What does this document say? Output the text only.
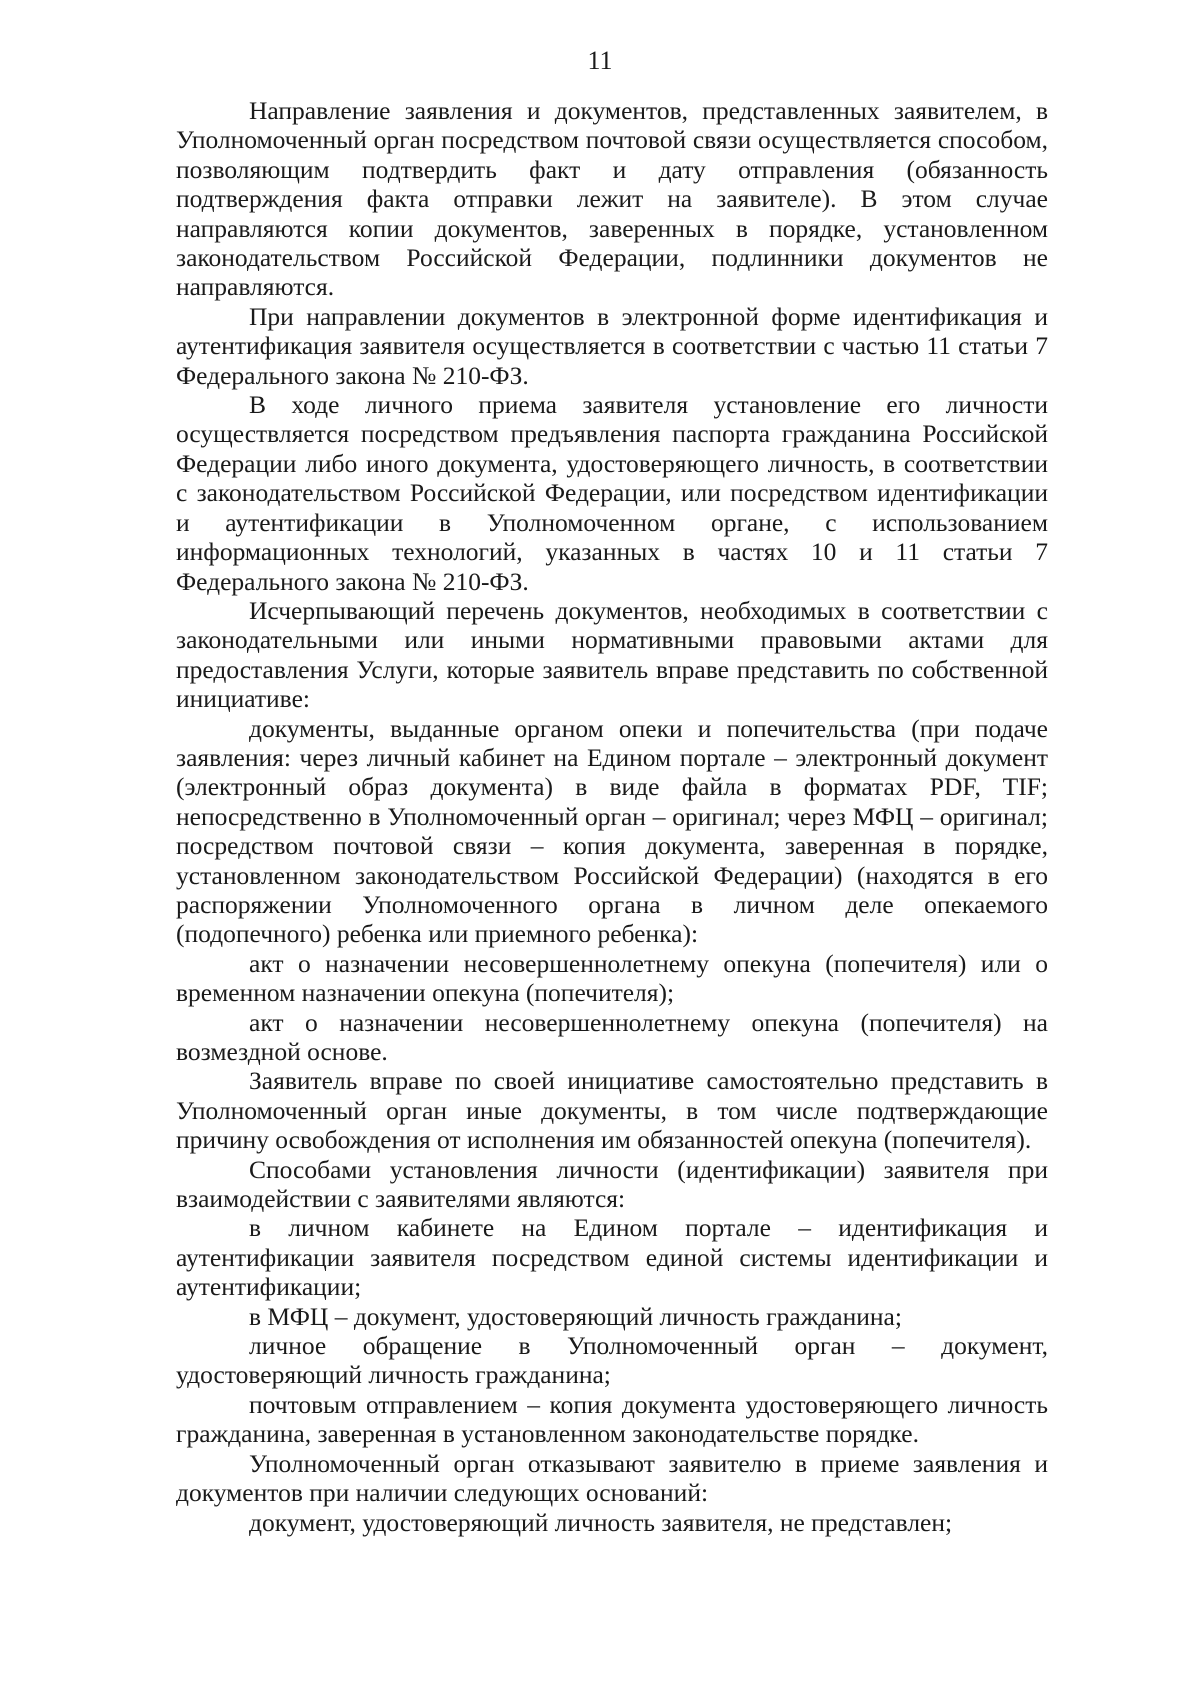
11

Направление заявления и документов, представленных заявителем, в Уполномоченный орган посредством почтовой связи осуществляется способом, позволяющим подтвердить факт и дату отправления (обязанность подтверждения факта отправки лежит на заявителе). В этом случае направляются копии документов, заверенных в порядке, установленном законодательством Российской Федерации, подлинники документов не направляются.

При направлении документов в электронной форме идентификация и аутентификация заявителя осуществляется в соответствии с частью 11 статьи 7 Федерального закона № 210-ФЗ.

В ходе личного приема заявителя установление его личности осуществляется посредством предъявления паспорта гражданина Российской Федерации либо иного документа, удостоверяющего личность, в соответствии с законодательством Российской Федерации, или посредством идентификации и аутентификации в Уполномоченном органе, с использованием информационных технологий, указанных в частях 10 и 11 статьи 7 Федерального закона № 210-ФЗ.

Исчерпывающий перечень документов, необходимых в соответствии с законодательными или иными нормативными правовыми актами для предоставления Услуги, которые заявитель вправе представить по собственной инициативе:

документы, выданные органом опеки и попечительства (при подаче заявления: через личный кабинет на Едином портале – электронный документ (электронный образ документа) в виде файла в форматах PDF, TIF; непосредственно в Уполномоченный орган – оригинал; через МФЦ – оригинал; посредством почтовой связи – копия документа, заверенная в порядке, установленном законодательством Российской Федерации) (находятся в его распоряжении Уполномоченного органа в личном деле опекаемого (подопечного) ребенка или приемного ребенка):

акт о назначении несовершеннолетнему опекуна (попечителя) или о временном назначении опекуна (попечителя);

акт о назначении несовершеннолетнему опекуна (попечителя) на возмездной основе.

Заявитель вправе по своей инициативе самостоятельно представить в Уполномоченный орган иные документы, в том числе подтверждающие причину освобождения от исполнения им обязанностей опекуна (попечителя).

Способами установления личности (идентификации) заявителя при взаимодействии с заявителями являются:

в личном кабинете на Едином портале – идентификация и аутентификации заявителя посредством единой системы идентификации и аутентификации;

в МФЦ – документ, удостоверяющий личность гражданина;

личное обращение в Уполномоченный орган – документ, удостоверяющий личность гражданина;

почтовым отправлением – копия документа удостоверяющего личность гражданина, заверенная в установленном законодательстве порядке.

Уполномоченный орган отказывают заявителю в приеме заявления и документов при наличии следующих оснований:

документ, удостоверяющий личность заявителя, не представлен;
